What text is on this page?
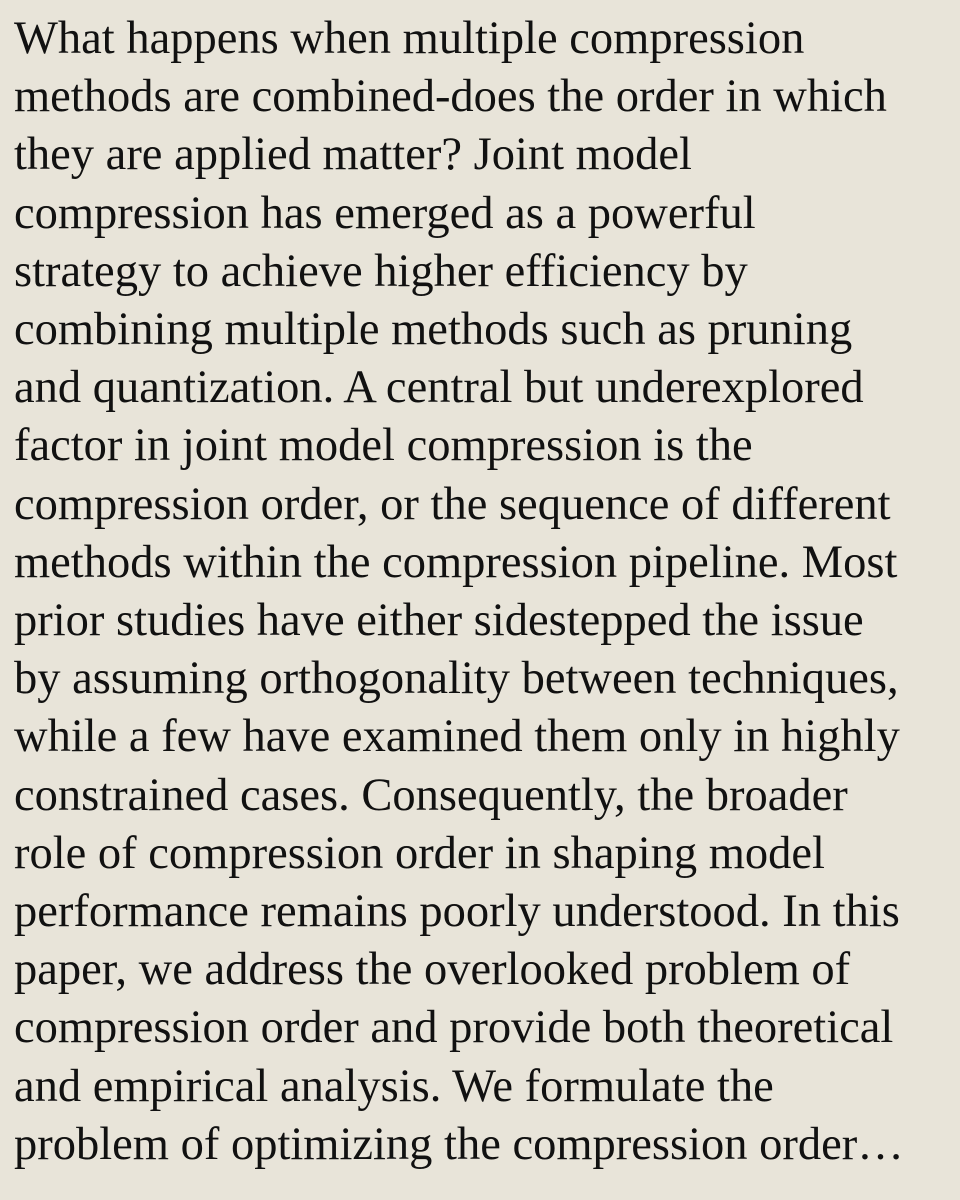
What happens when multiple compression
methods are combined-does the order in which
they are applied matter? Joint model
compression has emerged as a powerful
strategy to achieve higher efficiency by
combining multiple methods such as pruning
and quantization. A central but underexplored
factor in joint model compression is the
compression order, or the sequence of different
methods within the compression pipeline. Most
prior studies have either sidestepped the issue
by assuming orthogonality between techniques,
while a few have examined them only in highly
constrained cases. Consequently, the broader
role of compression order in shaping model
performance remains poorly understood. In this
paper, we address the overlooked problem of
compression order and provide both theoretical
and empirical analysis. We formulate the
problem of optimizing the compression order…
